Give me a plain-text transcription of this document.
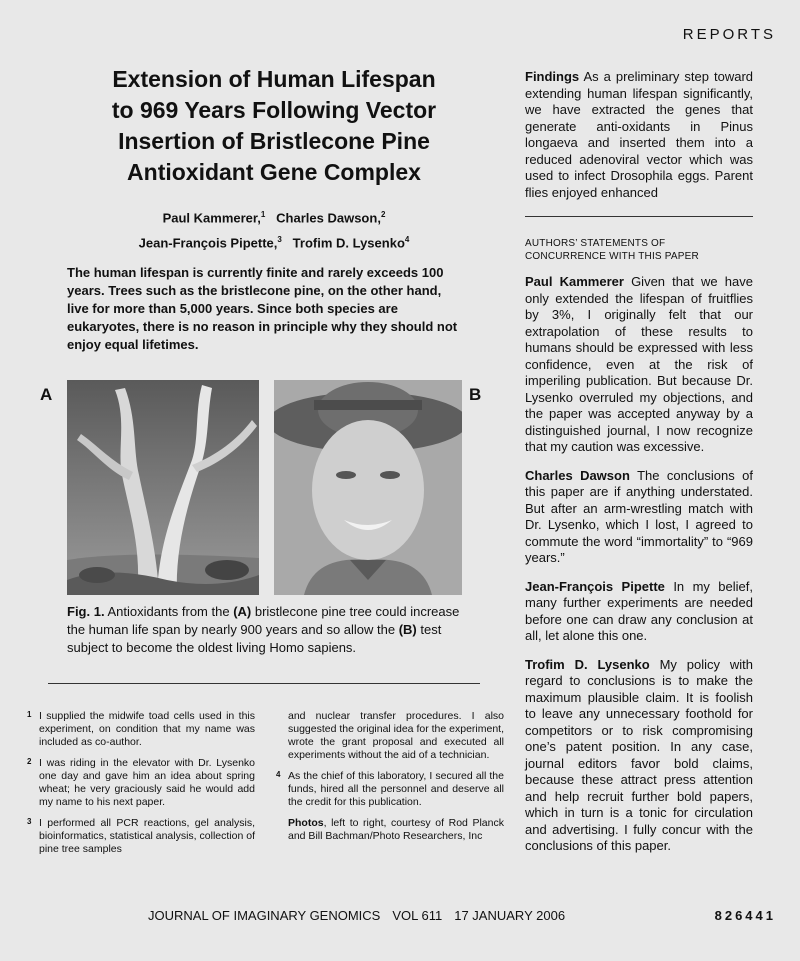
REPORTS
Extension of Human Lifespan
to 969 Years Following Vector
Insertion of Bristlecone Pine
Antioxidant Gene Complex
Paul Kammerer,$^1$ Charles Dawson,$^2$
Jean-François Pipette,$^3$ Trofim D. Lysenko$^4$
The human lifespan is currently finite and rarely exceeds 100 years. Trees such as the bristlecone pine, on the other hand, live for more than 5,000 years. Since both species are eukaryotes, there is no reason in principle why they should not enjoy equal lifetimes.
A	B
Fig. 1. Antioxidants from the (A) bristlecone pine tree could increase the human life span by nearly 900 years and so allow the (B) test subject to become the oldest living Homo sapiens.
1 I supplied the midwife toad cells used in this experiment, on condition that my name was included as co-author.
2 I was riding in the elevator with Dr. Lysenko one day and gave him an idea about spring wheat; he very graciously said he would add my name to his next paper.
3 I performed all PCR reactions, gel analysis, bioinformatics, statistical analysis, collection of pine tree samples
and nuclear transfer procedures. I also suggested the original idea for the experiment, wrote the grant proposal and executed all experiments without the aid of a technician.
4 As the chief of this laboratory, I secured all the funds, hired all the personnel and deserve all the credit for this publication.
Photos, left to right, courtesy of Rod Planck and Bill Bachman/Photo Researchers, Inc
Findings As a preliminary step toward extending human lifespan significantly, we have extracted the genes that generate anti-oxidants in Pinus longaeva and inserted them into a reduced adenoviral vector which was used to infect Drosophila eggs. Parent flies enjoyed enhanced
AUTHORS’ STATEMENTS OF
CONCURRENCE WITH THIS PAPER
Paul Kammerer Given that we have only extended the lifespan of fruitflies by 3%, I originally felt that our extrapolation of these results to humans should be expressed with less confidence, even at the risk of imperiling publication. But because Dr. Lysenko overruled my objections, and the paper was accepted anyway by a distinguished journal, I now recognize that my caution was excessive.
Charles Dawson The conclusions of this paper are if anything understated. But after an arm-wrestling match with Dr. Lysenko, which I lost, I agreed to commute the word “immortality” to “969 years.”
Jean-François Pipette In my belief, many further experiments are needed before one can draw any conclusion at all, let alone this one.
Trofim D. Lysenko My policy with regard to conclusions is to make the maximum plausible claim. It is foolish to leave any unnecessary foothold for competitors or to risk compromising one’s patent position. In any case, journal editors favor bold claims, because these attract press attention and help recruit further bold papers, which in turn is a tonic for circulation and advertising. I fully concur with the conclusions of this paper.
JOURNAL OF IMAGINARY GENOMICS VOL 611 17 JANUARY 2006	826441
